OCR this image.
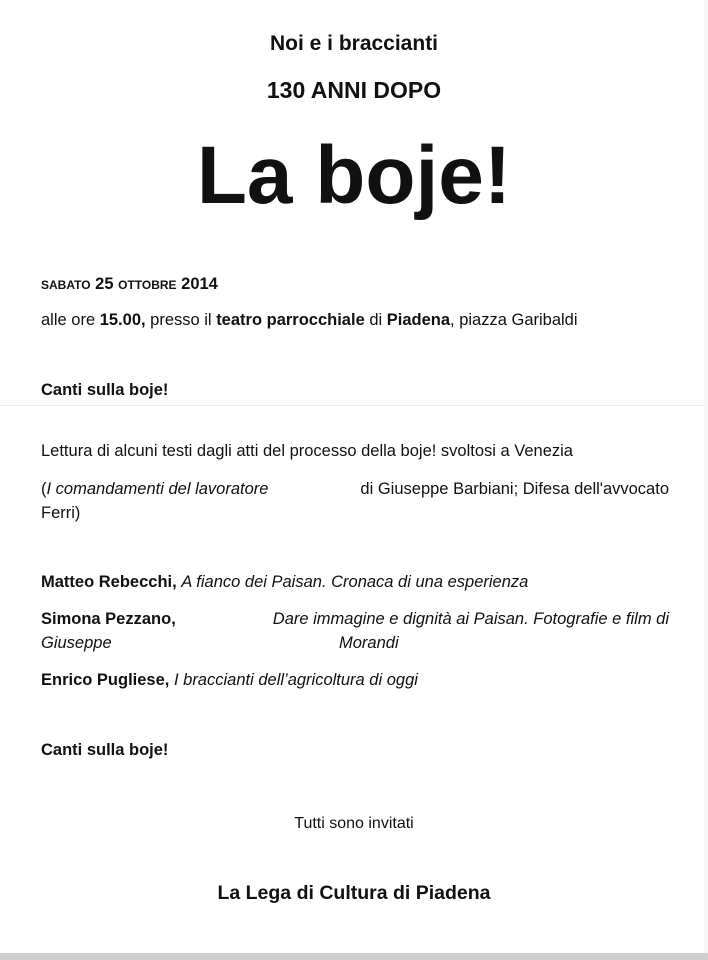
Noi e i braccianti
130 ANNI DOPO
La boje!
sabato 25 ottobre 2014
alle ore 15.00, presso il teatro parrocchiale di Piadena, piazza Garibaldi
Canti sulla boje!
Lettura di alcuni testi dagli atti del processo della boje! svoltosi a Venezia
(I comandamenti del lavoratore	di Giuseppe Barbiani; Difesa dell'avvocato
Ferri)
Matteo Rebecchi, A fianco dei Paisan. Cronaca di una esperienza
Simona Pezzano,	Dare immagine e dignità ai Paisan. Fotografie e film di
Giuseppe	Morandi
Enrico Pugliese, I braccianti dell’agricoltura di oggi
Canti sulla boje!
Tutti sono invitati
La Lega di Cultura di Piadena
